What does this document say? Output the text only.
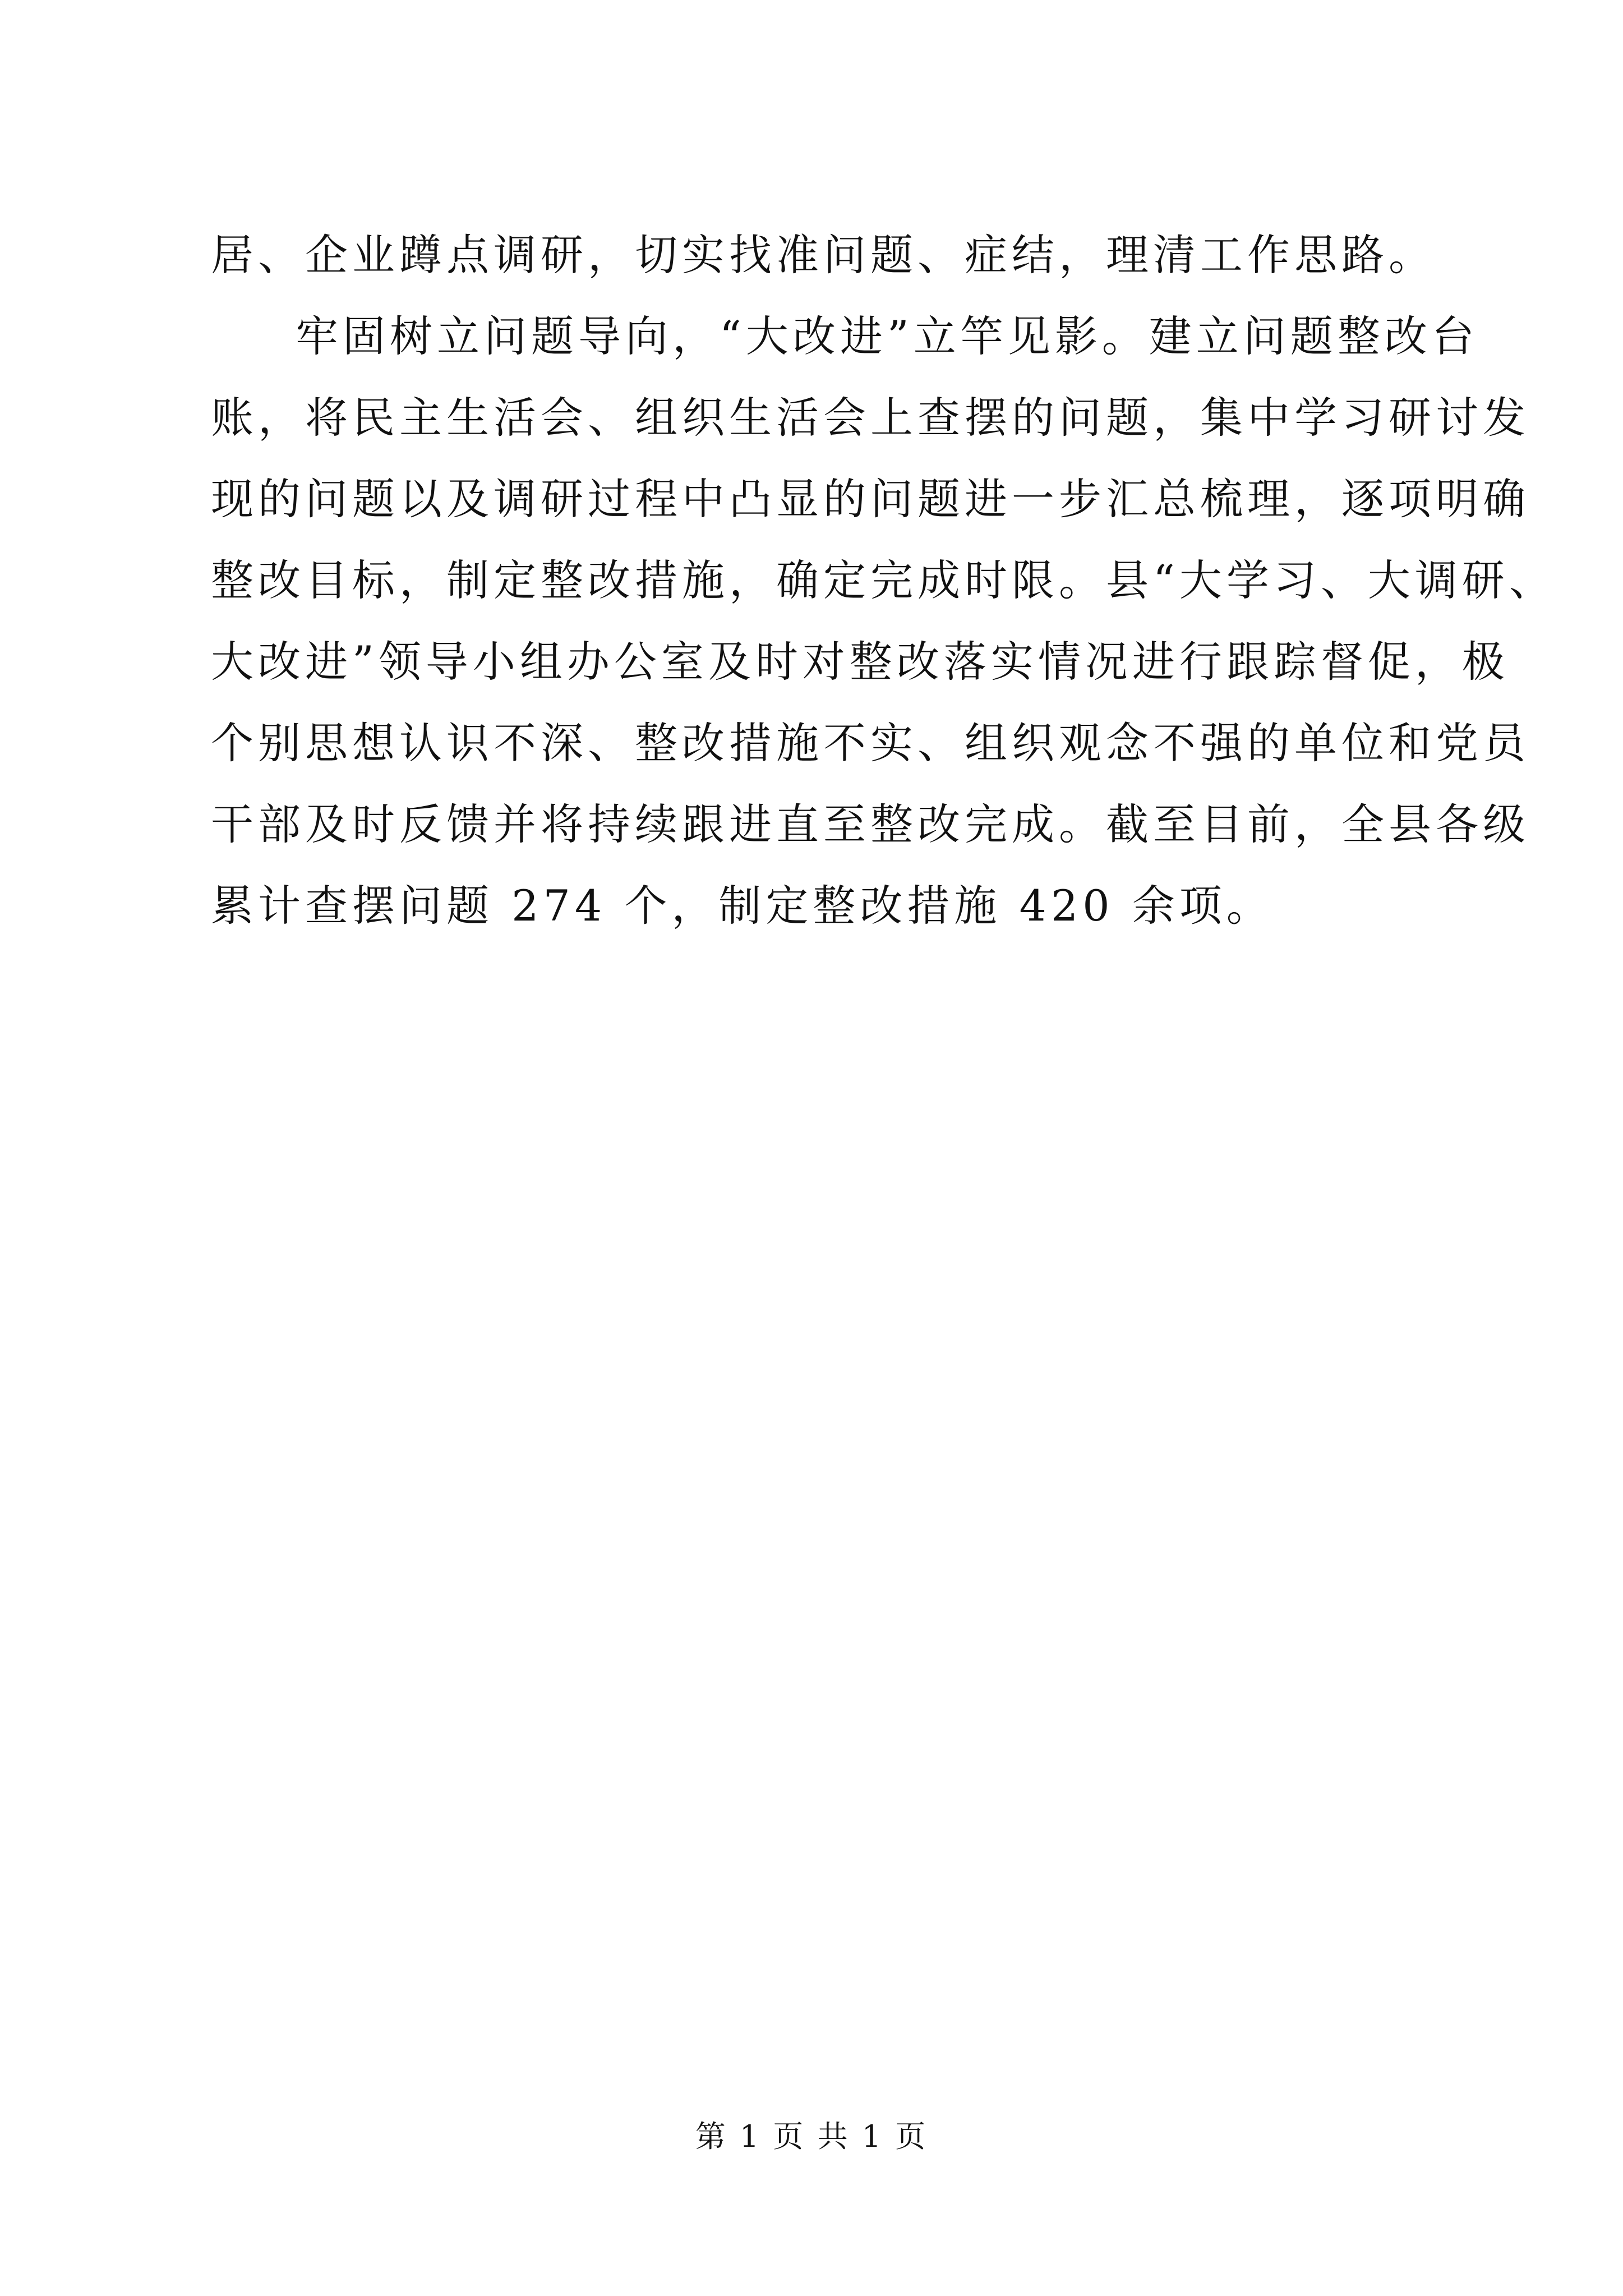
居、企业蹲点调研，切实找准问题、症结，理清工作思路。

牢固树立问题导向，“大改进”立竿见影。建立问题整改台

账，将民主生活会、组织生活会上查摆的问题，集中学习研讨发

现的问题以及调研过程中凸显的问题进一步汇总梳理，逐项明确

整改目标，制定整改措施，确定完成时限。县“大学习、大调研、

大改进”领导小组办公室及时对整改落实情况进行跟踪督促，极

个别思想认识不深、整改措施不实、组织观念不强的单位和党员

干部及时反馈并将持续跟进直至整改完成。截至目前，全县各级

累计查摆问题 274 个，制定整改措施 420 余项。

第 1 页 共 1 页
